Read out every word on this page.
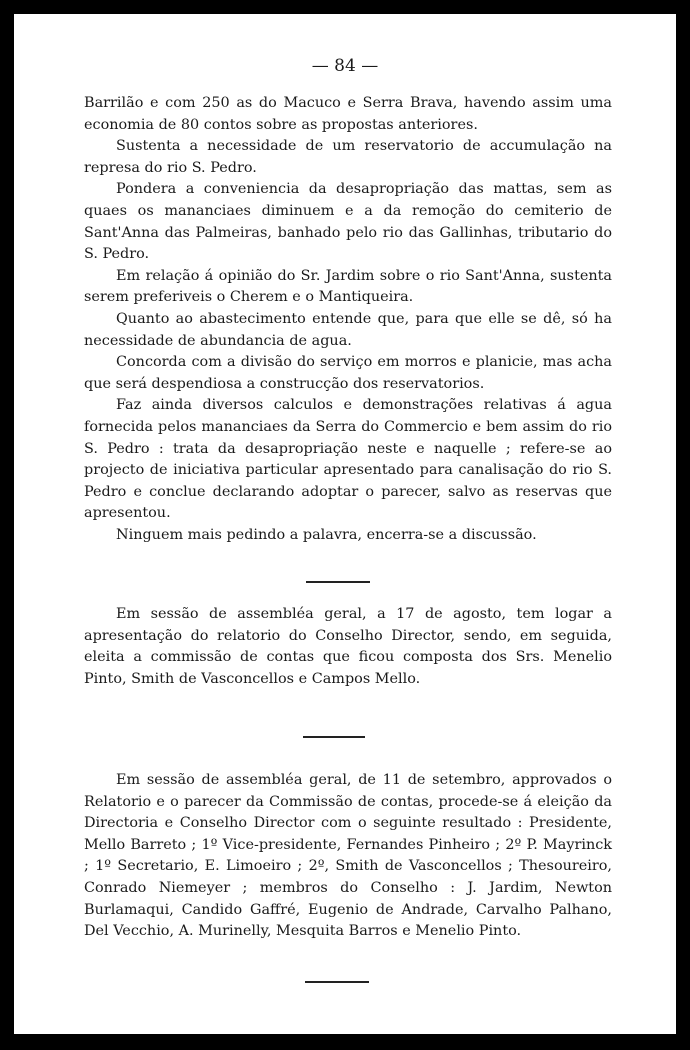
— 84 —

Barrilão e com 250 as do Macuco e Serra Brava, havendo assim uma economia de 80 contos sobre as propostas anteriores.

Sustenta a necessidade de um reservatorio de accumulação na represa do rio S. Pedro.

Pondera a conveniencia da desapropriação das mattas, sem as quaes os mananciaes diminuem e a da remoção do cemiterio de Sant'Anna das Palmeiras, banhado pelo rio das Gallinhas, tributario do S. Pedro.

Em relação á opinião do Sr. Jardim sobre o rio Sant'Anna, sustenta serem preferiveis o Cherem e o Mantiqueira.

Quanto ao abastecimento entende que, para que elle se dê, só ha necessidade de abundancia de agua.

Concorda com a divisão do serviço em morros e planicie, mas acha que será despendiosa a construcção dos reservatorios.

Faz ainda diversos calculos e demonstrações relativas á agua fornecida pelos mananciaes da Serra do Commercio e bem assim do rio S. Pedro : trata da desapropriação neste e naquelle ; refere-se ao projecto de iniciativa particular apresentado para canalisação do rio S. Pedro e conclue declarando adoptar o parecer, salvo as reservas que apresentou.

Ninguem mais pedindo a palavra, encerra-se a discussão.

Em sessão de assembléa geral, a 17 de agosto, tem logar a apresentação do relatorio do Conselho Director, sendo, em seguida, eleita a commissão de contas que ficou composta dos Srs. Menelio Pinto, Smith de Vasconcellos e Campos Mello.

Em sessão de assembléa geral, de 11 de setembro, approvados o Relatorio e o parecer da Commissão de contas, procede-se á eleição da Directoria e Conselho Director com o seguinte resultado : Presidente, Mello Barreto ; 1º Vice-presidente, Fernandes Pinheiro ; 2º P. Mayrinck ; 1º Secretario, E. Limoeiro ; 2º, Smith de Vasconcellos ; Thesoureiro, Conrado Niemeyer ; membros do Conselho : J. Jardim, Newton Burlamaqui, Candido Gaffré, Eugenio de Andrade, Carvalho Palhano, Del Vecchio, A. Murinelly, Mesquita Barros e Menelio Pinto.
